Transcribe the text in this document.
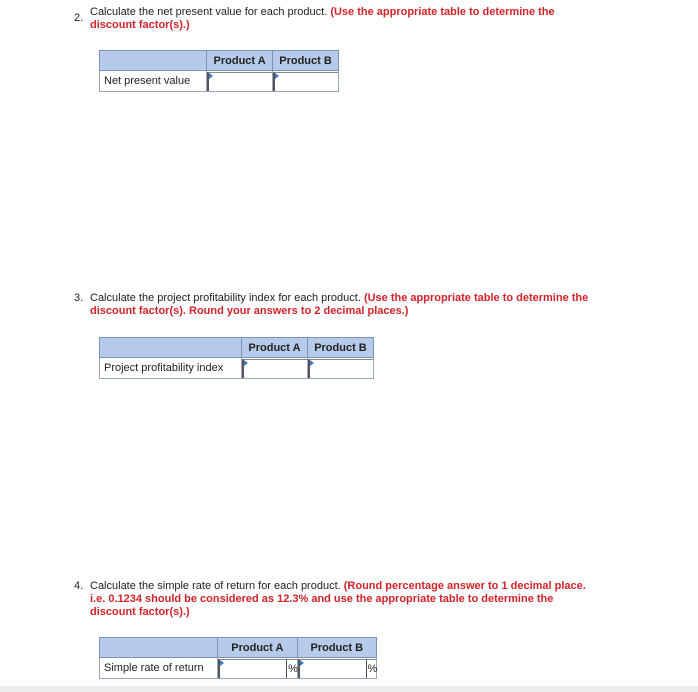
2. Calculate the net present value for each product. (Use the appropriate table to determine the
discount factor(s).)
	Product A	Product B
Net present value	

3. Calculate the project profitability index for each product. (Use the appropriate table to determine the
discount factor(s). Round your answers to 2 decimal places.)
	Product A	Product B
Project profitability index	

4. Calculate the simple rate of return for each product. (Round percentage answer to 1 decimal place.
i.e. 0.1234 should be considered as 12.3% and use the appropriate table to determine the
discount factor(s).)
	Product A	Product B
Simple rate of return	%	%
